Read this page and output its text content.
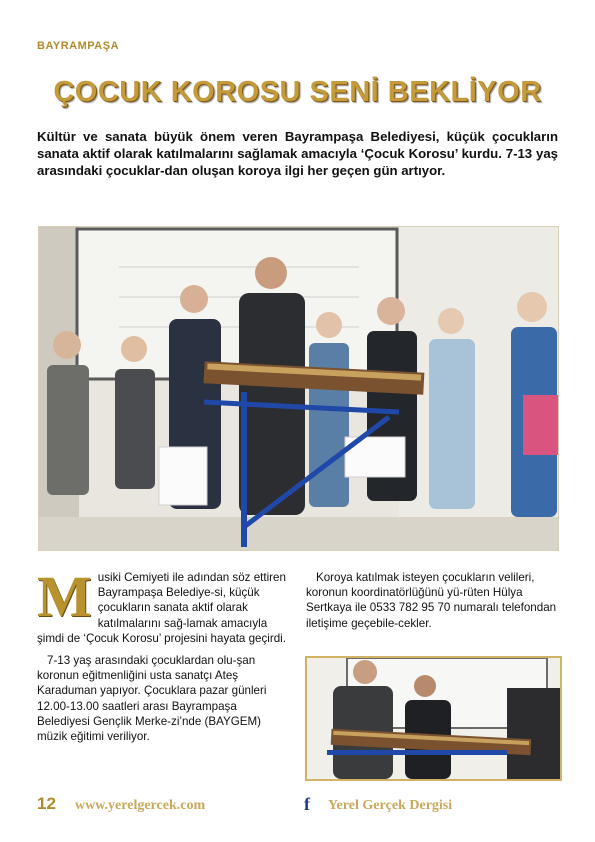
BAYRAMPAŞA
ÇOCUK KOROSU SENİ BEKLİYOR

Kültür ve sanata büyük önem veren Bayrampaşa Belediyesi, küçük çocukların sanata aktif olarak katılmalarını sağlamak amacıyla ‘Çocuk Korosu’ kurdu. 7-13 yaş arasındaki çocuklar-dan oluşan koroya ilgi her geçen gün artıyor.

Musiki Cemiyeti ile adından söz ettiren Bayrampaşa Belediye-si, küçük çocukların sanata aktif olarak katılmalarını sağ-lamak amacıyla şimdi de ‘Çocuk Korosu’ projesini hayata geçirdi.

7-13 yaş arasındaki çocuklardan olu-şan koronun eğitmenliğini usta sanatçı Ateş Karaduman yapıyor. Çocuklara pazar günleri 12.00-13.00 saatleri arası Bayrampaşa Belediyesi Gençlik Merke-zi’nde (BAYGEM) müzik eğitimi veriliyor.

Koroya katılmak isteyen çocukların velileri, koronun koordinatörlüğünü yü-rüten Hülya Sertkaya ile 0533 782 95 70 numaralı telefondan iletişime geçebile-cekler.

12 www.yerelgercek.com	f Yerel Gerçek Dergisi
